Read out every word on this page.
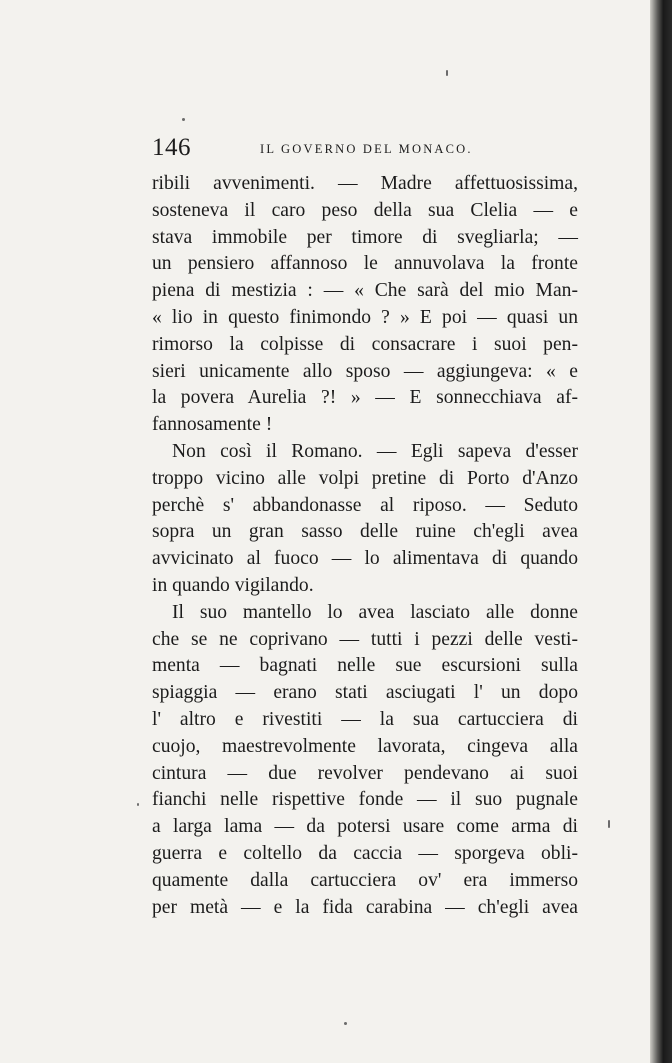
146	IL GOVERNO DEL MONACO.
ribili avvenimenti. — Madre affettuosissima,
sosteneva il caro peso della sua Clelia — e
stava immobile per timore di svegliarla; —
un pensiero affannoso le annuvolava la fronte
piena di mestizia : — « Che sarà del mio Man-
« lio in questo finimondo ? » E poi — quasi un
rimorso la colpisse di consacrare i suoi pen-
sieri unicamente allo sposo — aggiungeva: « e
la povera Aurelia ?! » — E sonnecchiava af-
fannosamente !
Non così il Romano. — Egli sapeva d'esser
troppo vicino alle volpi pretine di Porto d'Anzo
perchè s' abbandonasse al riposo. — Seduto
sopra un gran sasso delle ruine ch'egli avea
avvicinato al fuoco — lo alimentava di quando
in quando vigilando.
Il suo mantello lo avea lasciato alle donne
che se ne coprivano — tutti i pezzi delle vesti-
menta — bagnati nelle sue escursioni sulla
spiaggia — erano stati asciugati l' un dopo
l' altro e rivestiti — la sua cartucciera di
cuojo, maestrevolmente lavorata, cingeva alla
cintura — due revolver pendevano ai suoi
fianchi nelle rispettive fonde — il suo pugnale
a larga lama — da potersi usare come arma di
guerra e coltello da caccia — sporgeva obli-
quamente dalla cartucciera ov' era immerso
per metà — e la fida carabina — ch'egli avea
